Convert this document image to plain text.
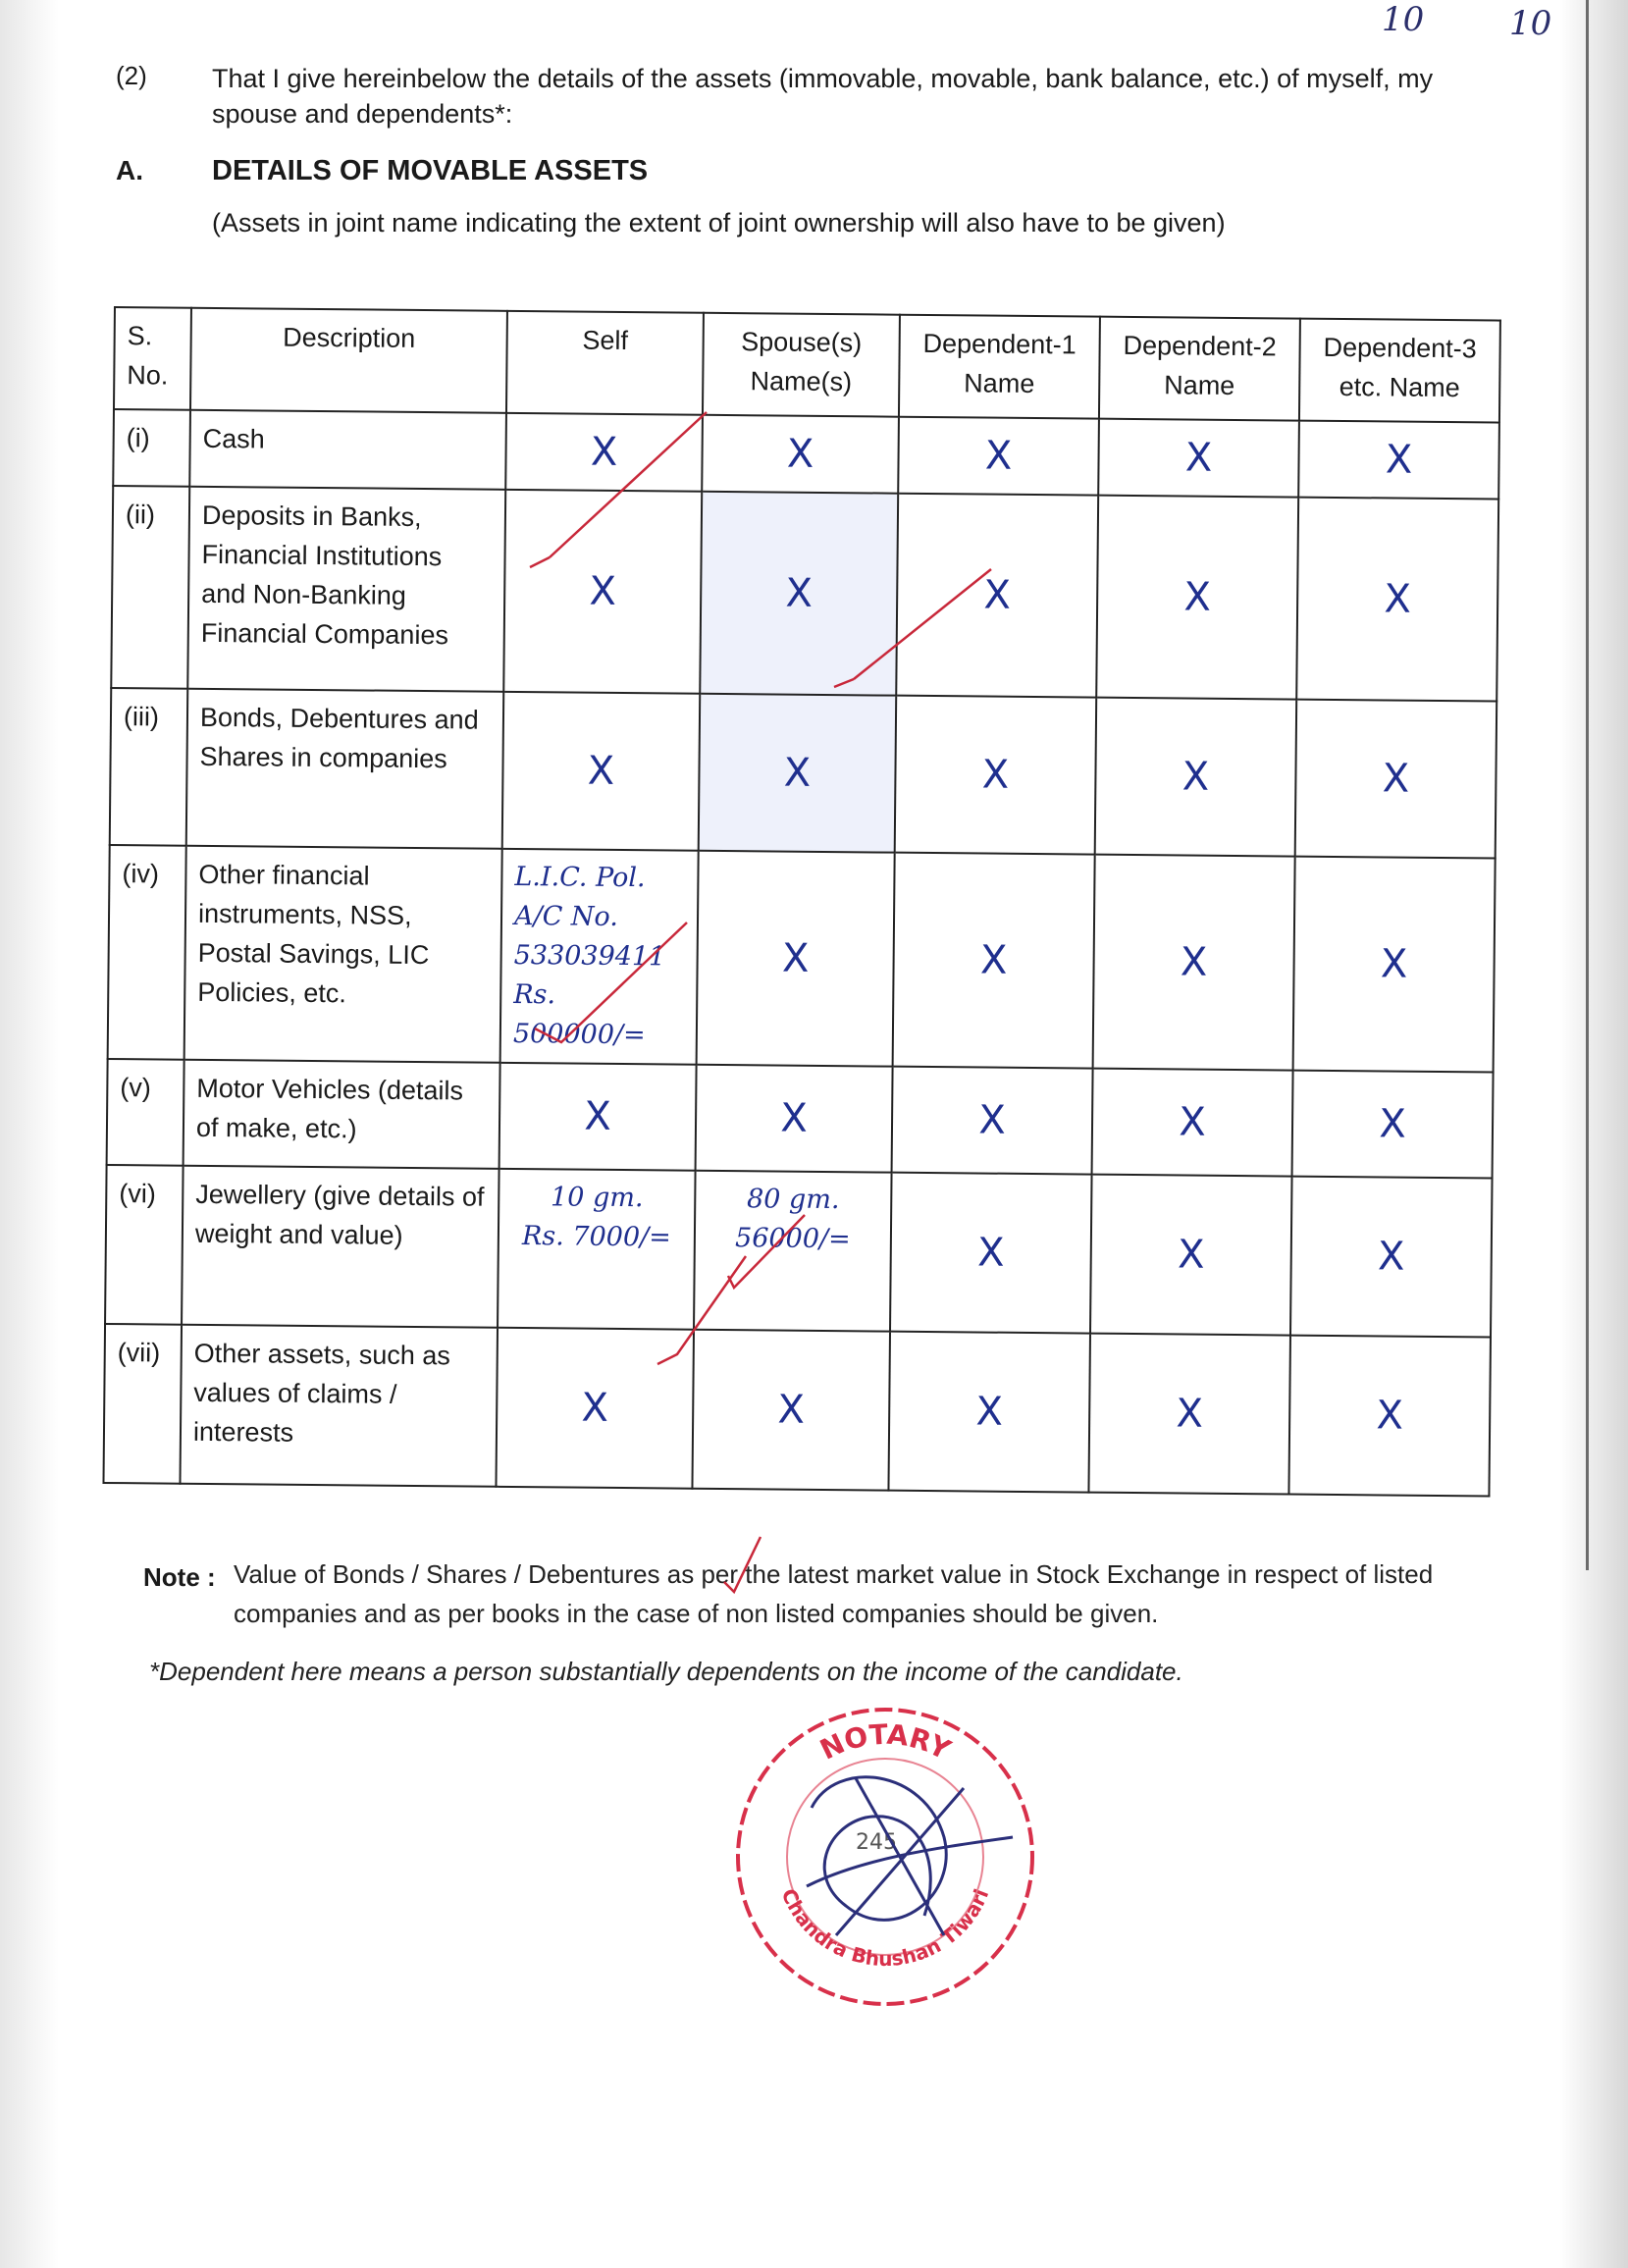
10	10
(2) That I give hereinbelow the details of the assets (immovable, movable, bank balance, etc.) of myself, my spouse and dependents*:
A. DETAILS OF MOVABLE ASSETS
(Assets in joint name indicating the extent of joint ownership will also have to be given)
S. No.	Description	Self	Spouse(s) Name(s)	Dependent-1 Name	Dependent-2 Name	Dependent-3 etc. Name
(i)	Cash	X	X	X	X	X
(ii)	Deposits in Banks, Financial Institutions and Non-Banking Financial Companies	X	X	X	X	X
(iii)	Bonds, Debentures and Shares in companies	X	X	X	X	X
(iv)	Other financial instruments, NSS, Postal Savings, LIC Policies, etc.	L.I.C. Pol.
A/C No.
533039411
Rs. 500000/=	X	X	X	X
(v)	Motor Vehicles (details of make, etc.)	X	X	X	X	X
(vi)	Jewellery (give details of weight and value)	10 gm.
Rs. 7000/=	80 gm.
56000/=	X	X	X
(vii)	Other assets, such as values of claims / interests	X	X	X	X	X
Note : Value of Bonds / Shares / Debentures as per the latest market value in Stock Exchange in respect of listed companies and as per books in the case of non listed companies should be given.
*Dependent here means a person substantially dependents on the income of the candidate.
NOTARY
Chandra Bhushan Tiwari
245
